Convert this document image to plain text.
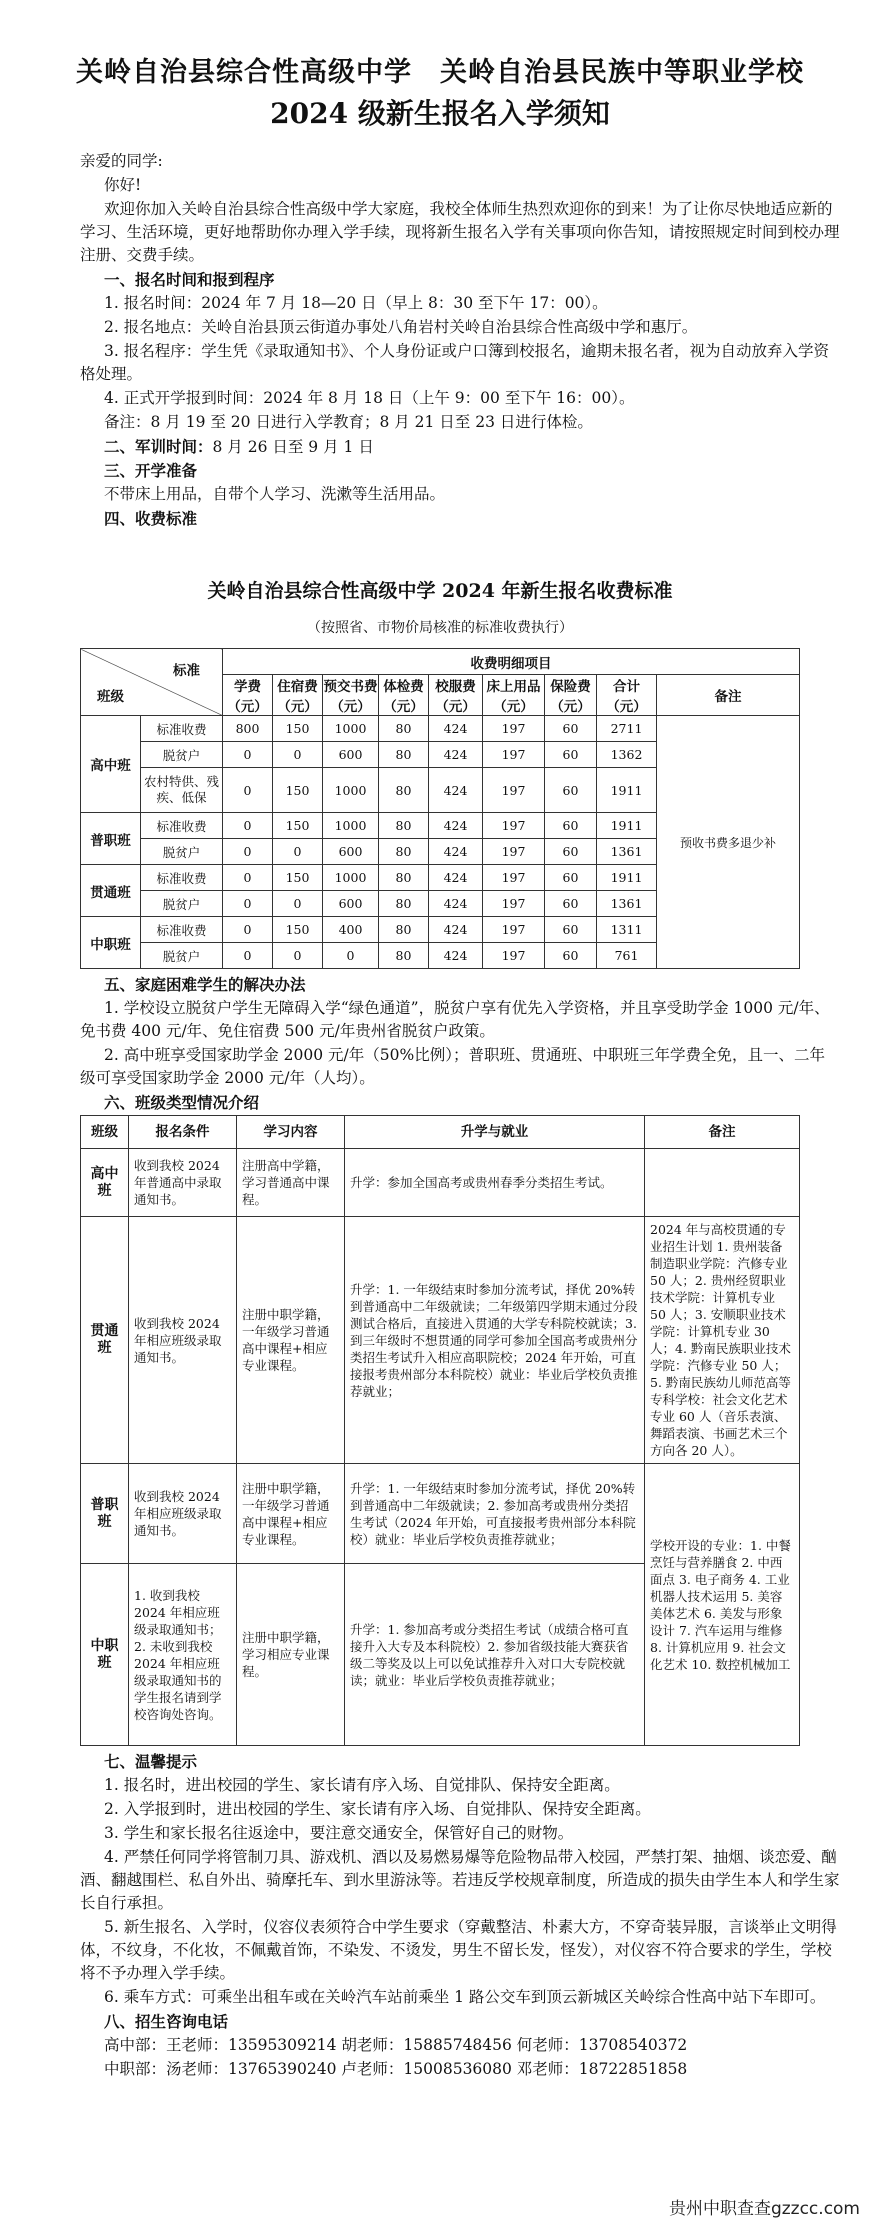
关岭自治县综合性高级中学　关岭自治县民族中等职业学校
2024 级新生报名入学须知
亲爱的同学:
你好!
欢迎你加入关岭自治县综合性高级中学大家庭，我校全体师生热烈欢迎你的到来！为了让你尽快地适应新的学习、生活环境，更好地帮助你办理入学手续，现将新生报名入学有关事项向你告知，请按照规定时间到校办理注册、交费手续。
一、报名时间和报到程序
1. 报名时间：2024 年 7 月 18—20 日（早上 8：30 至下午 17：00）。
2. 报名地点：关岭自治县顶云街道办事处八角岩村关岭自治县综合性高级中学和惠厅。
3. 报名程序：学生凭《录取通知书》、个人身份证或户口簿到校报名，逾期未报名者，视为自动放弃入学资格处理。
4. 正式开学报到时间：2024 年 8 月 18 日（上午 9：00 至下午 16：00）。
备注：8 月 19 至 20 日进行入学教育；8 月 21 日至 23 日进行体检。
二、军训时间：8 月 26 日至 9 月 1 日
三、开学准备
不带床上用品，自带个人学习、洗漱等生活用品。
四、收费标准
关岭自治县综合性高级中学 2024 年新生报名收费标准
（按照省、市物价局核准的标准收费执行）
标准
班级		收费明细项目								
		学费（元）	住宿费（元）	预交书费（元）	体检费（元）	校服费（元）	床上用品（元）	保险费（元）	合计（元）	备注
高中班	标准收费	800	150	1000	80	424	197	60	2711	预收书费多退少补
	脱贫户	0	0	600	80	424	197	60	1362	
	农村特供、残疾、低保	0	150	1000	80	424	197	60	1911	
普职班	标准收费	0	150	1000	80	424	197	60	1911	
	脱贫户	0	0	600	80	424	197	60	1361	
贯通班	标准收费	0	150	1000	80	424	197	60	1911	
	脱贫户	0	0	600	80	424	197	60	1361	
中职班	标准收费	0	150	400	80	424	197	60	1311	
	脱贫户	0	0	0	80	424	197	60	761	
五、家庭困难学生的解决办法
1. 学校设立脱贫户学生无障碍入学“绿色通道”，脱贫户享有优先入学资格，并且享受助学金 1000 元/年、免书费 400 元/年、免住宿费 500 元/年贵州省脱贫户政策。
2. 高中班享受国家助学金 2000 元/年（50%比例）；普职班、贯通班、中职班三年学费全免，且一、二年级可享受国家助学金 2000 元/年（人均）。
六、班级类型情况介绍
班级	报名条件	学习内容	升学与就业	备注
高中班	收到我校 2024 年普通高中录取通知书。	注册高中学籍，学习普通高中课程。	升学：参加全国高考或贵州春季分类招生考试。	
贯通班	收到我校 2024 年相应班级录取通知书。	注册中职学籍，一年级学习普通高中课程+相应专业课程。	升学：1. 一年级结束时参加分流考试，择优 20%转到普通高中二年级就读；二年级第四学期末通过分段测试合格后，直接进入贯通的大学专科院校就读；3. 到三年级时不想贯通的同学可参加全国高考或贵州分类招生考试升入相应高职院校；2024 年开始，可直接报考贵州部分本科院校）就业：毕业后学校负责推荐就业；	2024 年与高校贯通的专业招生计划 1. 贵州装备制造职业学院：汽修专业 50 人；2. 贵州经贸职业技术学院：计算机专业 50 人；3. 安顺职业技术学院：计算机专业 30 人；4. 黔南民族职业技术学院：汽修专业 50 人；5. 黔南民族幼儿师范高等专科学校：社会文化艺术专业 60 人（音乐表演、舞蹈表演、书画艺术三个方向各 20 人）。
普职班	收到我校 2024 年相应班级录取通知书。	注册中职学籍，一年级学习普通高中课程+相应专业课程。	升学：1. 一年级结束时参加分流考试，择优 20%转到普通高中二年级就读；2. 参加高考或贵州分类招生考试（2024 年开始，可直接报考贵州部分本科院校）就业：毕业后学校负责推荐就业；	学校开设的专业：1. 中餐烹饪与营养膳食 2. 中西面点 3. 电子商务 4. 工业机器人技术运用 5. 美容美体艺术 6. 美发与形象设计 7. 汽车运用与维修 8. 计算机应用 9. 社会文化艺术 10. 数控机械加工
中职班	1. 收到我校 2024 年相应班级录取通知书；2. 未收到我校 2024 年相应班级录取通知书的学生报名请到学校咨询处咨询。	注册中职学籍，学习相应专业课程。	升学：1. 参加高考或分类招生考试（成绩合格可直接升入大专及本科院校）2. 参加省级技能大赛获省级二等奖及以上可以免试推荐升入对口大专院校就读；就业：毕业后学校负责推荐就业；	
七、温馨提示
1. 报名时，进出校园的学生、家长请有序入场、自觉排队、保持安全距离。
2. 入学报到时，进出校园的学生、家长请有序入场、自觉排队、保持安全距离。
3. 学生和家长报名往返途中，要注意交通安全，保管好自己的财物。
4. 严禁任何同学将管制刀具、游戏机、酒以及易燃易爆等危险物品带入校园，严禁打架、抽烟、谈恋爱、酗酒、翻越围栏、私自外出、骑摩托车、到水里游泳等。若违反学校规章制度，所造成的损失由学生本人和学生家长自行承担。
5. 新生报名、入学时，仪容仪表须符合中学生要求（穿戴整洁、朴素大方，不穿奇装异服，言谈举止文明得体，不纹身，不化妆，不佩戴首饰，不染发、不烫发，男生不留长发，怪发），对仪容不符合要求的学生，学校将不予办理入学手续。
6. 乘车方式：可乘坐出租车或在关岭汽车站前乘坐 1 路公交车到顶云新城区关岭综合性高中站下车即可。
八、招生咨询电话
高中部：王老师：13595309214 胡老师：15885748456 何老师：13708540372
中职部：汤老师：13765390240 卢老师：15008536080 邓老师：18722851858
贵州中职查查gzzcc.com
